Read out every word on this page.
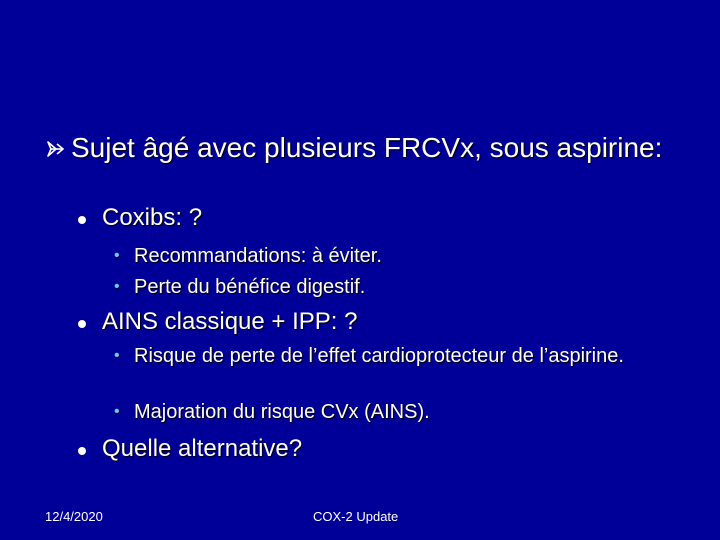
Sujet âgé avec plusieurs FRCVx, sous aspirine:
Coxibs: ?
• Recommandations: à éviter.
• Perte du bénéfice digestif.
AINS classique + IPP: ?
• Risque de perte de l’effet cardioprotecteur de l’aspirine.
• Majoration du risque CVx (AINS).
Quelle alternative?
12/4/2020	COX-2 Update
